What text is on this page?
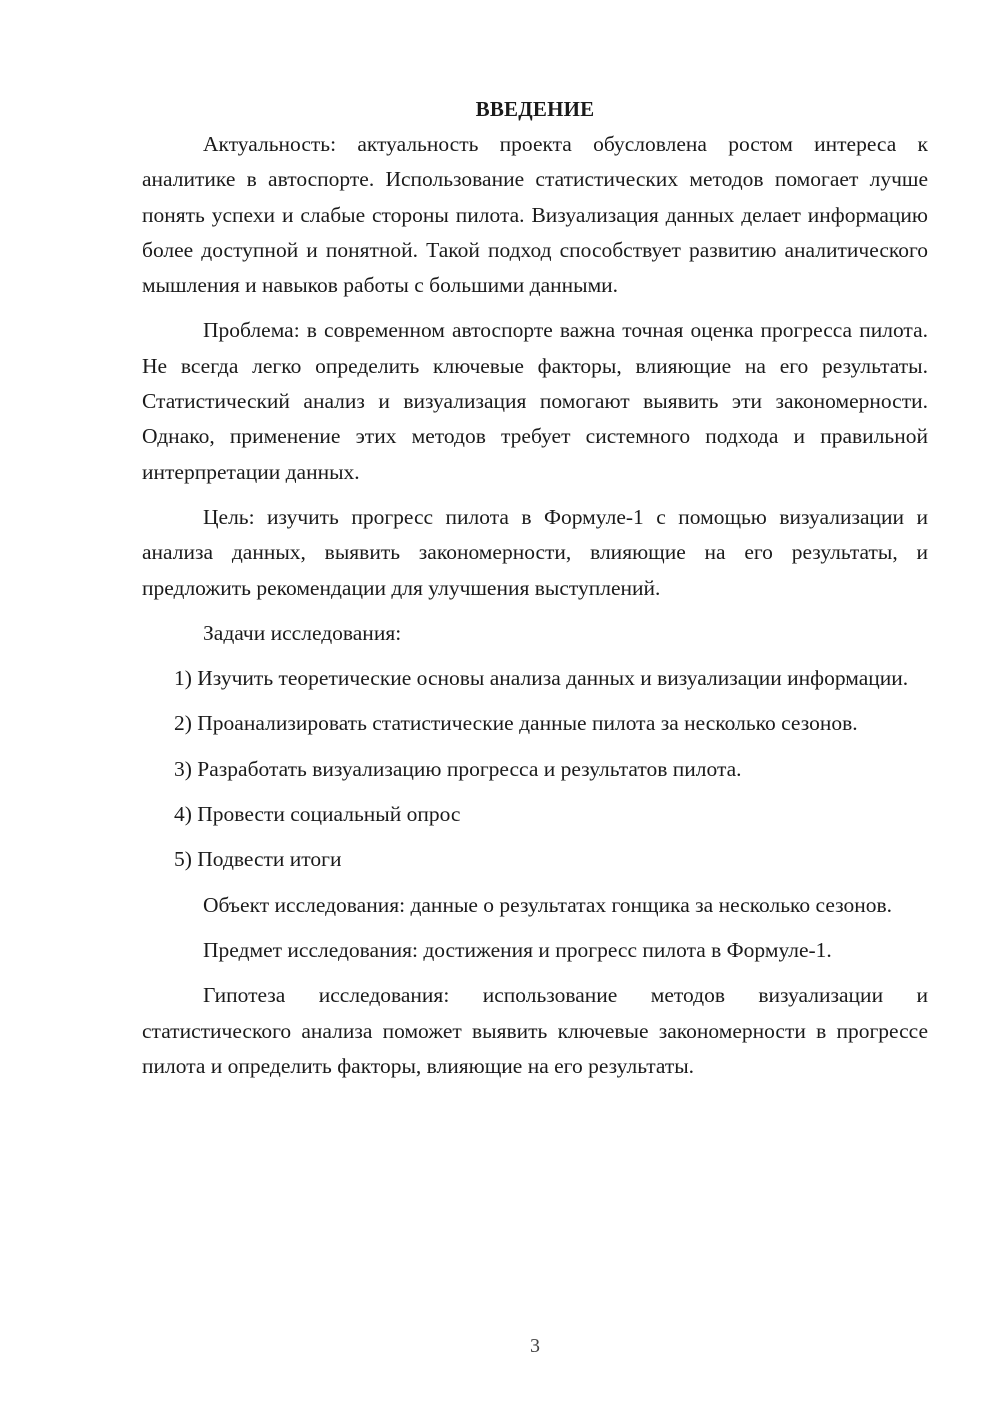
ВВЕДЕНИЕ

Актуальность: актуальность проекта обусловлена ростом интереса к аналитике в автоспорте. Использование статистических методов помогает лучше понять успехи и слабые стороны пилота. Визуализация данных делает информацию более доступной и понятной. Такой подход способствует развитию аналитического мышления и навыков работы с большими данными.

Проблема: в современном автоспорте важна точная оценка прогресса пилота. Не всегда легко определить ключевые факторы, влияющие на его результаты. Статистический анализ и визуализация помогают выявить эти закономерности. Однако, применение этих методов требует системного подхода и правильной интерпретации данных.

Цель: изучить прогресс пилота в Формуле-1 с помощью визуализации и анализа данных, выявить закономерности, влияющие на его результаты, и предложить рекомендации для улучшения выступлений.

Задачи исследования:

1) Изучить теоретические основы анализа данных и визуализации информации.

2) Проанализировать статистические данные пилота за несколько сезонов.

3) Разработать визуализацию прогресса и результатов пилота.

4) Провести социальный опрос

5) Подвести итоги

Объект исследования: данные о результатах гонщика за несколько сезонов.

Предмет исследования: достижения и прогресс пилота в Формуле-1.

Гипотеза исследования: использование методов визуализации и статистического анализа поможет выявить ключевые закономерности в прогрессе пилота и определить факторы, влияющие на его результаты.

3
